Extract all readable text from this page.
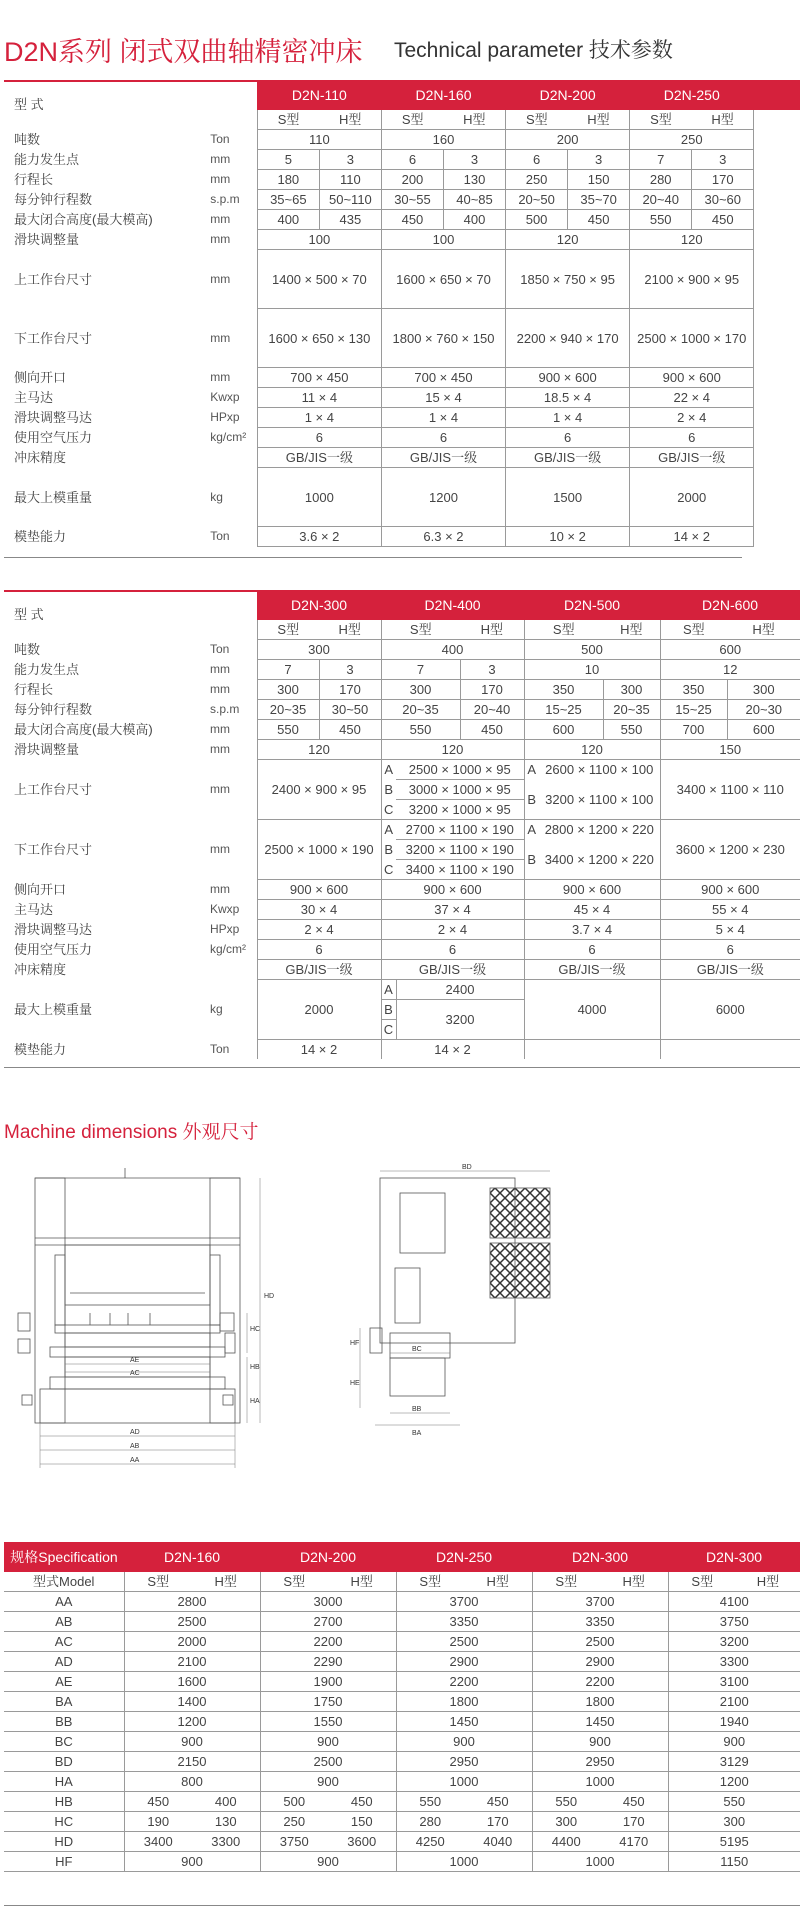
D2N系列 闭式双曲轴精密冲床 Technical parameter 技术参数
型 式		D2N-110		D2N-160		D2N-200		D2N-250		
		S型	H型	S型	H型	S型	H型	S型	H型	
吨数	Ton	110		160		200		250		
能力发生点	mm	5	3	6	3	6	3	7	3	
行程长	mm	180	110	200	130	250	150	280	170	
每分钟行程数	s.p.m	35~65	50~110	30~55	40~85	20~50	35~70	20~40	30~60	
最大闭合高度(最大模高)	mm	400	435	450	400	500	450	550	450	
滑块调整量	mm	100		100		120		120		
上工作台尺寸	mm	1400 × 500 × 70		1600 × 650 × 70		1850 × 750 × 95		2100 × 900 × 95		
下工作台尺寸	mm	1600 × 650 × 130		1800 × 760 × 150		2200 × 940 × 170		2500 × 1000 × 170		
侧向开口	mm	700 × 450		700 × 450		900 × 600		900 × 600		
主马达	Kwxp	11 × 4		15 × 4		18.5 × 4		22 × 4		
滑块调整马达	HPxp	1 × 4		1 × 4		1 × 4		2 × 4		
使用空气压力	kg/cm²	6		6		6		6		
冲床精度		GB/JIS一级		GB/JIS一级		GB/JIS一级		GB/JIS一级		
最大上模重量	kg	1000		1200		1500		2000		
模垫能力	Ton	3.6 × 2		6.3 × 2		10 × 2		14 × 2		
型 式		D2N-300		D2N-400			D2N-500			D2N-600	
		S型	H型	S型		H型	S型		H型	S型	H型
吨数	Ton	300		400			500			600	
能力发生点	mm	7	3	7		3	10			12	
行程长	mm	300	170	300		170	350		300	350	300
每分钟行程数	s.p.m	20~35	30~50	20~35		20~40	15~25		20~35	15~25	20~30
最大闭合高度(最大模高)	mm	550	450	550		450	600		550	700	600
滑块调整量	mm	120		120			120			150	
上工作台尺寸	mm	2400 × 900 × 95		A	2500 × 1000 × 95		A	2600 × 1100 × 100		3400 × 1100 × 110	
				B	3000 × 1000 × 95		B	3200 × 1100 × 100			
				C	3200 × 1000 × 95						
下工作台尺寸	mm	2500 × 1000 × 190		A	2700 × 1100 × 190		A	2800 × 1200 × 220		3600 × 1200 × 230	
				B	3200 × 1100 × 190		B	3400 × 1200 × 220			
				C	3400 × 1100 × 190						
侧向开口	mm	900 × 600		900 × 600			900 × 600			900 × 600	
主马达	Kwxp	30 × 4		37 × 4			45 × 4			55 × 4	
滑块调整马达	HPxp	2 × 4		2 × 4			3.7 × 4			5 × 4	
使用空气压力	kg/cm²	6		6			6			6	
冲床精度		GB/JIS一级		GB/JIS一级			GB/JIS一级			GB/JIS一级	
最大上模重量	kg	2000		A	2400		4000			6000	
				B	3200						
				C							
模垫能力	Ton	14 × 2		14 × 2							
Machine dimensions 外观尺寸
HD
HC
HB
HA
AE
AC
AD
AB
AA
BD
HF
HE
BC
BB
BA
规格Specification	D2N-160		D2N-200		D2N-250		D2N-300		D2N-300	
型式Model	S型	H型	S型	H型	S型	H型	S型	H型	S型	H型
AA	2800		3000		3700		3700		4100	
AB	2500		2700		3350		3350		3750	
AC	2000		2200		2500		2500		3200	
AD	2100		2290		2900		2900		3300	
AE	1600		1900		2200		2200		3100	
BA	1400		1750		1800		1800		2100	
BB	1200		1550		1450		1450		1940	
BC	900		900		900		900		900	
BD	2150		2500		2950		2950		3129	
HA	800		900		1000		1000		1200	
HB	450	400	500	450	550	450	550	450	550	
HC	190	130	250	150	280	170	300	170	300	
HD	3400	3300	3750	3600	4250	4040	4400	4170	5195	
HF	900		900		1000		1000		1150	
